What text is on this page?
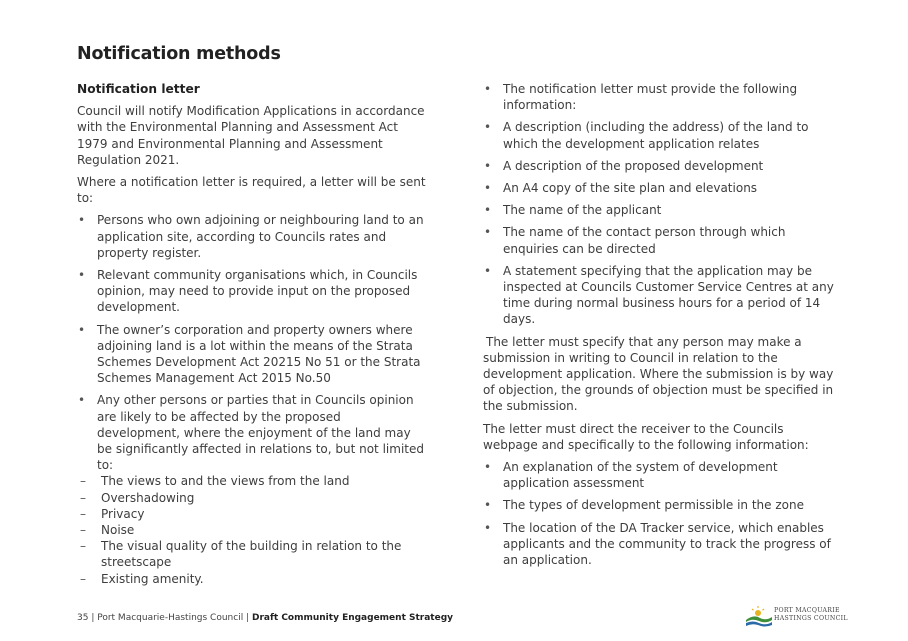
Notification methods
Notification letter

Council will notify Modification Applications in accordance with the Environmental Planning and Assessment Act 1979 and Environmental Planning and Assessment Regulation 2021.

Where a notification letter is required, a letter will be sent to:

• Persons who own adjoining or neighbouring land to an application site, according to Councils rates and property register.
• Relevant community organisations which, in Councils opinion, may need to provide input on the proposed development.
• The owner’s corporation and property owners where adjoining land is a lot within the means of the Strata Schemes Development Act 20215 No 51 or the Strata Schemes Management Act 2015 No.50
• Any other persons or parties that in Councils opinion are likely to be affected by the proposed development, where the enjoyment of the land may be significantly affected in relations to, but not limited to:
– The views to and the views from the land
– Overshadowing
– Privacy
– Noise
– The visual quality of the building in relation to the streetscape
– Existing amenity.
• The notification letter must provide the following information:
• A description (including the address) of the land to which the development application relates
• A description of the proposed development
• An A4 copy of the site plan and elevations
• The name of the applicant
• The name of the contact person through which enquiries can be directed
• A statement specifying that the application may be inspected at Councils Customer Service Centres at any time during normal business hours for a period of 14 days.

The letter must specify that any person may make a submission in writing to Council in relation to the development application. Where the submission is by way of objection, the grounds of objection must be specified in the submission.

The letter must direct the receiver to the Councils webpage and specifically to the following information:

• An explanation of the system of development application assessment
• The types of development permissible in the zone
• The location of the DA Tracker service, which enables applicants and the community to track the progress of an application.
35 | Port Macquarie-Hastings Council | Draft Community Engagement Strategy
PORT MACQUARIE
HASTINGS COUNCIL
